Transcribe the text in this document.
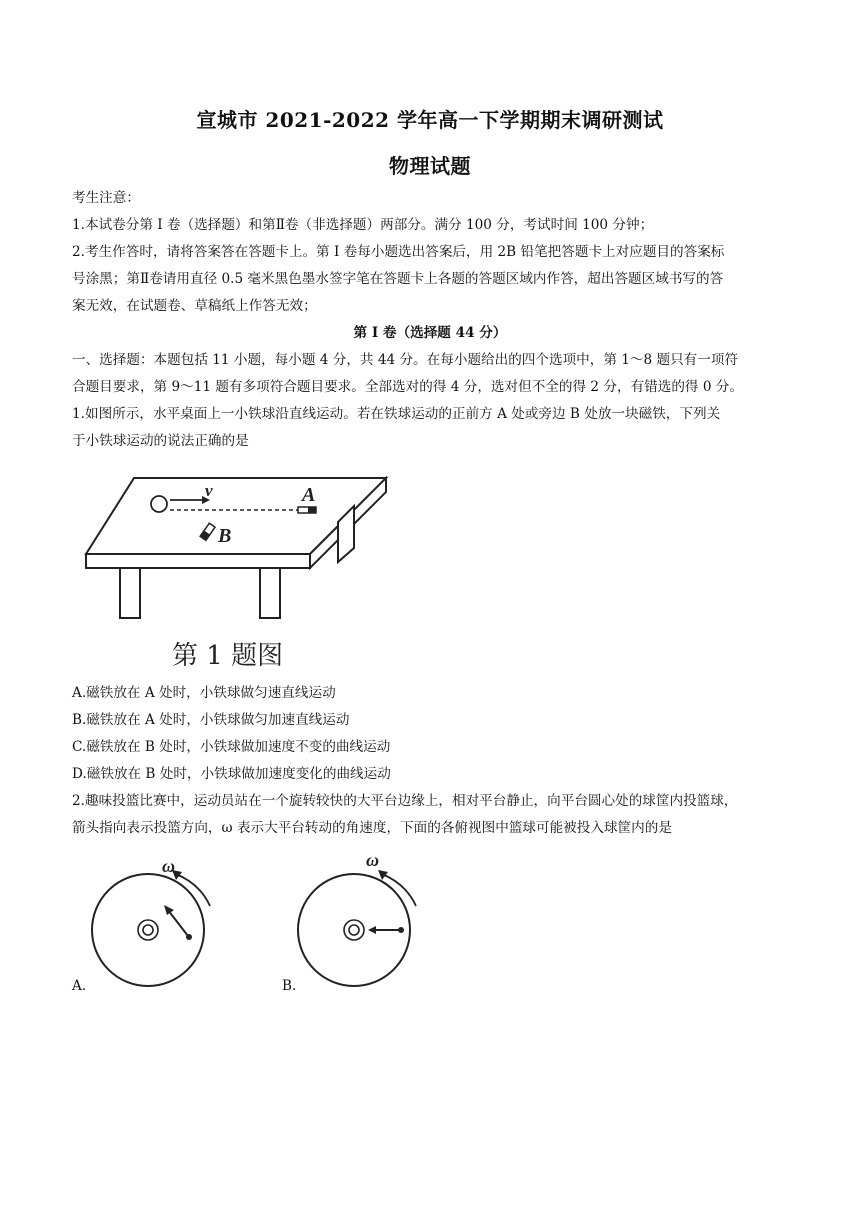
宣城市 2021-2022 学年高一下学期期末调研测试
物理试题
考生注意：
1.本试卷分第 I 卷（选择题）和第Ⅱ卷（非选择题）两部分。满分 100 分，考试时间 100 分钟；
2.考生作答时，请将答案答在答题卡上。第 I 卷每小题选出答案后，用 2B 铅笔把答题卡上对应题目的答案标
号涂黑；第Ⅱ卷请用直径 0.5 毫米黑色墨水签字笔在答题卡上各题的答题区域内作答，超出答题区域书写的答
案无效，在试题卷、草稿纸上作答无效；
第 I 卷（选择题 44 分）
一、选择题：本题包括 11 小题，每小题 4 分，共 44 分。在每小题给出的四个选项中，第 1～8 题只有一项符
合题目要求，第 9～11 题有多项符合题目要求。全部选对的得 4 分，选对但不全的得 2 分，有错选的得 0 分。
1.如图所示，水平桌面上一小铁球沿直线运动。若在铁球运动的正前方 A 处或旁边 B 处放一块磁铁，下列关
于小铁球运动的说法正确的是
v	A
B
第 1 题图
A.磁铁放在 A 处时，小铁球做匀速直线运动
B.磁铁放在 A 处时，小铁球做匀加速直线运动
C.磁铁放在 B 处时，小铁球做加速度不变的曲线运动
D.磁铁放在 B 处时，小铁球做加速度变化的曲线运动
2.趣味投篮比赛中，运动员站在一个旋转较快的大平台边缘上，相对平台静止，向平台圆心处的球筐内投篮球，
箭头指向表示投篮方向，ω 表示大平台转动的角速度，下面的各俯视图中篮球可能被投入球筐内的是
ω
A.
ω
B.
